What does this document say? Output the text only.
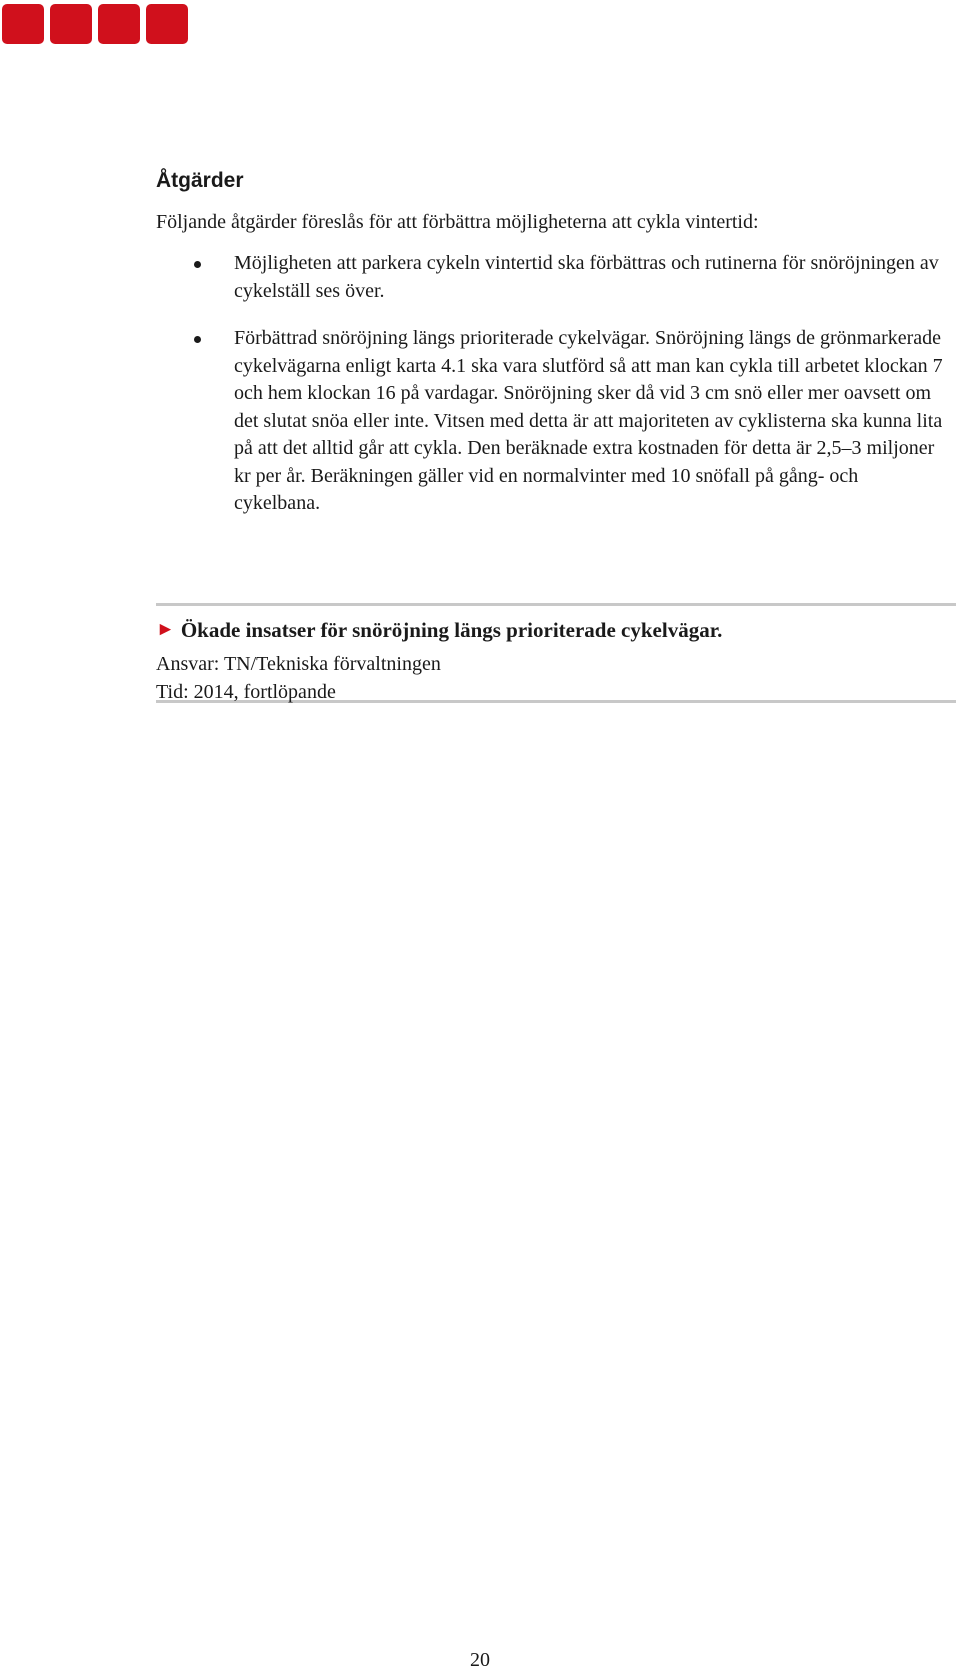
Åtgärder

Följande åtgärder föreslås för att förbättra möjligheterna att cykla vintertid:

Möjligheten att parkera cykeln vintertid ska förbättras och rutinerna för snöröjningen av cykelställ ses över.
Förbättrad snöröjning längs prioriterade cykelvägar. Snöröjning längs de grönmarkerade cykelvägarna enligt karta 4.1 ska vara slutförd så att man kan cykla till arbetet klockan 7 och hem klockan 16 på vardagar. Snöröjning sker då vid 3 cm snö eller mer oavsett om det slutat snöa eller inte. Vitsen med detta är att majoriteten av cyklisterna ska kunna lita på att det alltid går att cykla. Den beräknade extra kostnaden för detta är 2,5–3 miljoner kr per år. Beräkningen gäller vid en normalvinter med 10 snöfall på gång- och cykelbana.

► Ökade insatser för snöröjning längs prioriterade cykelvägar.

Ansvar: TN/Tekniska förvaltningen

Tid: 2014, fortlöpande

20
